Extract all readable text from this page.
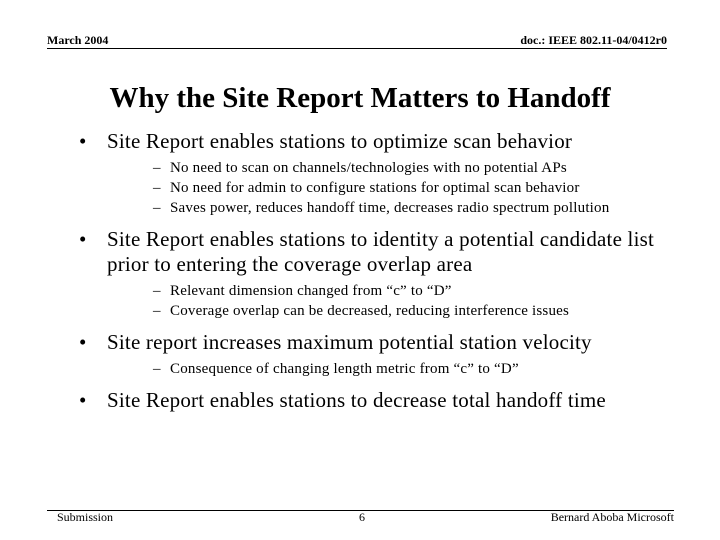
March 2004	doc.: IEEE 802.11-04/0412r0
Why the Site Report Matters to Handoff
• Site Report enables stations to optimize scan behavior
– No need to scan on channels/technologies with no potential APs
– No need for admin to configure stations for optimal scan behavior
– Saves power, reduces handoff time, decreases radio spectrum pollution
• Site Report enables stations to identity a potential candidate list prior to entering the coverage overlap area
– Relevant dimension changed from “c” to “D”
– Coverage overlap can be decreased, reducing interference issues
• Site report increases maximum potential station velocity
– Consequence of changing length metric from “c” to “D”
• Site Report enables stations to decrease total handoff time
Submission	6	Bernard Aboba Microsoft
